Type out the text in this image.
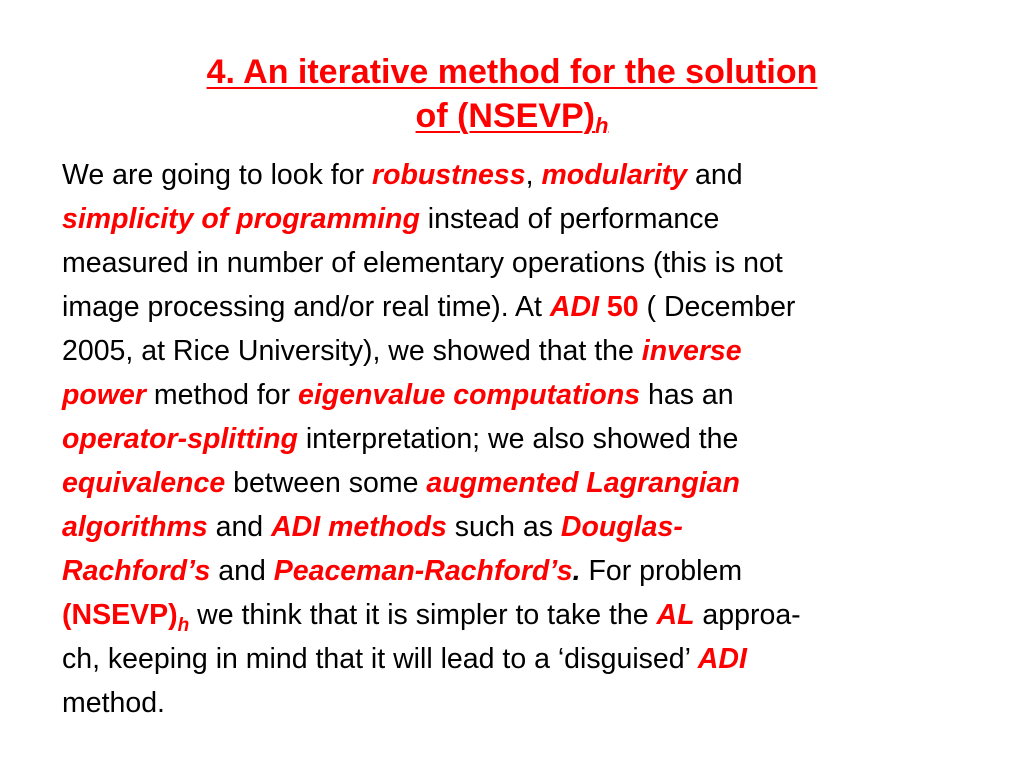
4. An iterative method for the solution
of $(NSEVP)_h$
We are going to look for robustness, modularity and
simplicity of programming instead of performance
measured in number of elementary operations (this is not
image processing and/or real time). At ADI 50 ( December
2005, at Rice University), we showed that the inverse
power method for eigenvalue computations has an
operator-splitting interpretation; we also showed the
equivalence between some augmented Lagrangian
algorithms and ADI methods such as Douglas-
Rachford’s and Peaceman-Rachford’s. For problem
$(NSEVP)_h$ we think that it is simpler to take the AL approa-
ch, keeping in mind that it will lead to a ‘disguised’ ADI
method.
